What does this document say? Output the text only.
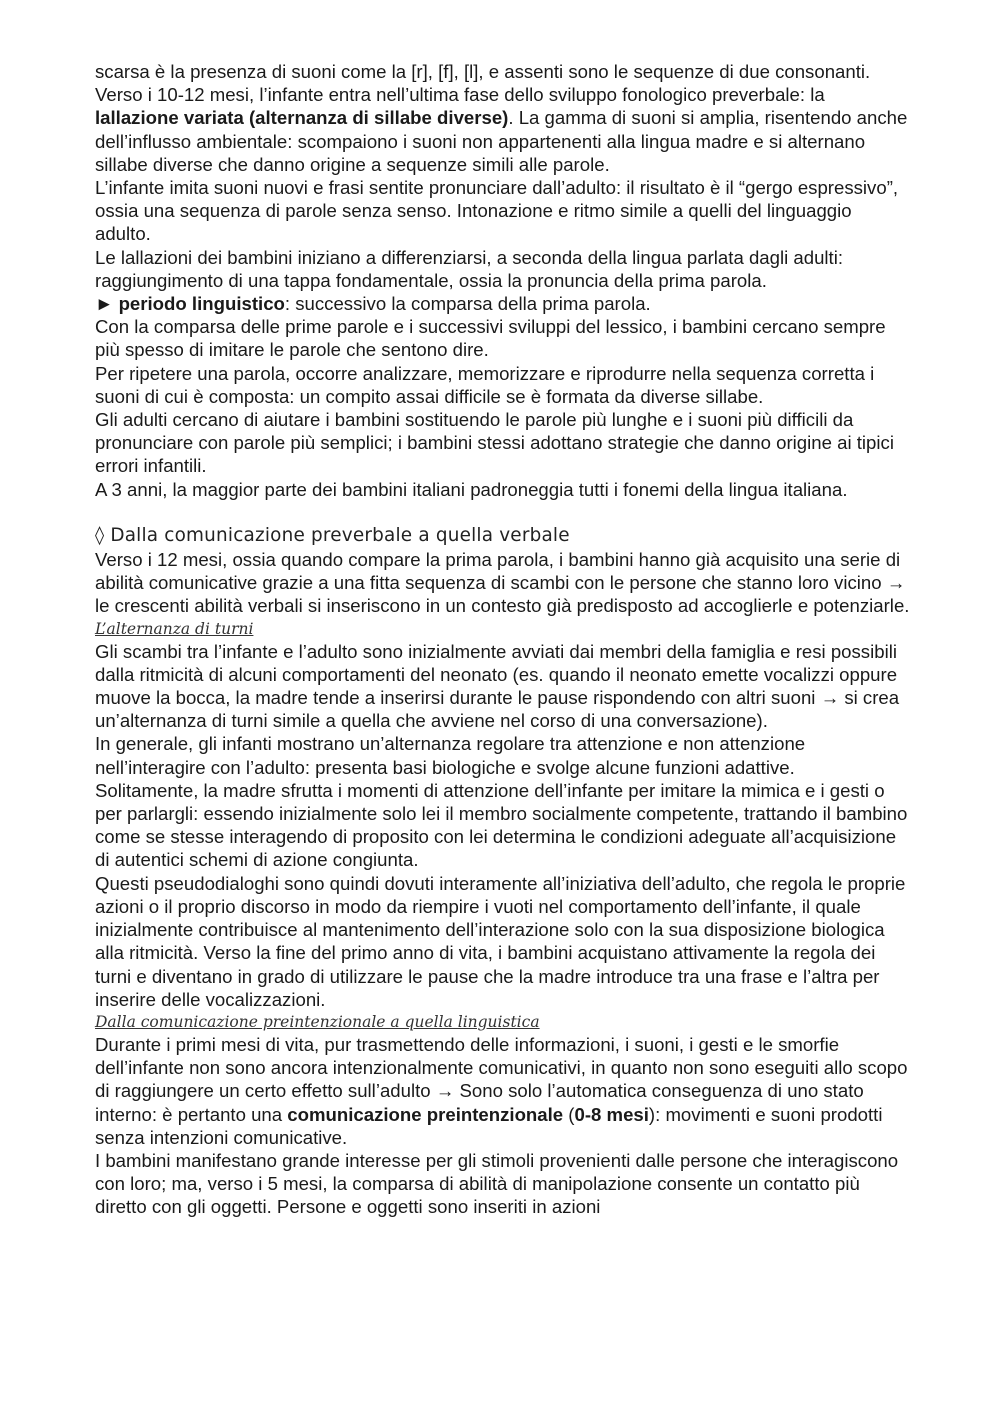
scarsa è la presenza di suoni come la [r], [f], [l], e assenti sono le sequenze di due consonanti.

Verso i 10-12 mesi, l’infante entra nell’ultima fase dello sviluppo fonologico preverbale: la lallazione variata (alternanza di sillabe diverse). La gamma di suoni si amplia, risentendo anche dell’influsso ambientale: scompaiono i suoni non appartenenti alla lingua madre e si alternano sillabe diverse che danno origine a sequenze simili alle parole.

L’infante imita suoni nuovi e frasi sentite pronunciare dall’adulto: il risultato è il “gergo espressivo”, ossia una sequenza di parole senza senso. Intonazione e ritmo simile a quelli del linguaggio adulto.

Le lallazioni dei bambini iniziano a differenziarsi, a seconda della lingua parlata dagli adulti: raggiungimento di una tappa fondamentale, ossia la pronuncia della prima parola.

► periodo linguistico: successivo la comparsa della prima parola.

Con la comparsa delle prime parole e i successivi sviluppi del lessico, i bambini cercano sempre più spesso di imitare le parole che sentono dire.

Per ripetere una parola, occorre analizzare, memorizzare e riprodurre nella sequenza corretta i suoni di cui è composta: un compito assai difficile se è formata da diverse sillabe.

Gli adulti cercano di aiutare i bambini sostituendo le parole più lunghe e i suoni più difficili da pronunciare con parole più semplici; i bambini stessi adottano strategie che danno origine ai tipici errori infantili.

A 3 anni, la maggior parte dei bambini italiani padroneggia tutti i fonemi della lingua italiana.

◊ Dalla comunicazione preverbale a quella verbale

Verso i 12 mesi, ossia quando compare la prima parola, i bambini hanno già acquisito una serie di abilità comunicative grazie a una fitta sequenza di scambi con le persone che stanno loro vicino → le crescenti abilità verbali si inseriscono in un contesto già predisposto ad accoglierle e potenziarle.

L’alternanza di turni

Gli scambi tra l’infante e l’adulto sono inizialmente avviati dai membri della famiglia e resi possibili dalla ritmicità di alcuni comportamenti del neonato (es. quando il neonato emette vocalizzi oppure muove la bocca, la madre tende a inserirsi durante le pause rispondendo con altri suoni → si crea un’alternanza di turni simile a quella che avviene nel corso di una conversazione).

In generale, gli infanti mostrano un’alternanza regolare tra attenzione e non attenzione nell’interagire con l’adulto: presenta basi biologiche e svolge alcune funzioni adattive.

Solitamente, la madre sfrutta i momenti di attenzione dell’infante per imitare la mimica e i gesti o per parlargli: essendo inizialmente solo lei il membro socialmente competente, trattando il bambino come se stesse interagendo di proposito con lei determina le condizioni adeguate all’acquisizione di autentici schemi di azione congiunta.

Questi pseudodialoghi sono quindi dovuti interamente all’iniziativa dell’adulto, che regola le proprie azioni o il proprio discorso in modo da riempire i vuoti nel comportamento dell’infante, il quale inizialmente contribuisce al mantenimento dell’interazione solo con la sua disposizione biologica alla ritmicità. Verso la fine del primo anno di vita, i bambini acquistano attivamente la regola dei turni e diventano in grado di utilizzare le pause che la madre introduce tra una frase e l’altra per inserire delle vocalizzazioni.

Dalla comunicazione preintenzionale a quella linguistica

Durante i primi mesi di vita, pur trasmettendo delle informazioni, i suoni, i gesti e le smorfie dell’infante non sono ancora intenzionalmente comunicativi, in quanto non sono eseguiti allo scopo di raggiungere un certo effetto sull’adulto → Sono solo l’automatica conseguenza di uno stato interno: è pertanto una comunicazione preintenzionale (0-8 mesi): movimenti e suoni prodotti senza intenzioni comunicative.

I bambini manifestano grande interesse per gli stimoli provenienti dalle persone che interagiscono con loro; ma, verso i 5 mesi, la comparsa di abilità di manipolazione consente un contatto più diretto con gli oggetti. Persone e oggetti sono inseriti in azioni
